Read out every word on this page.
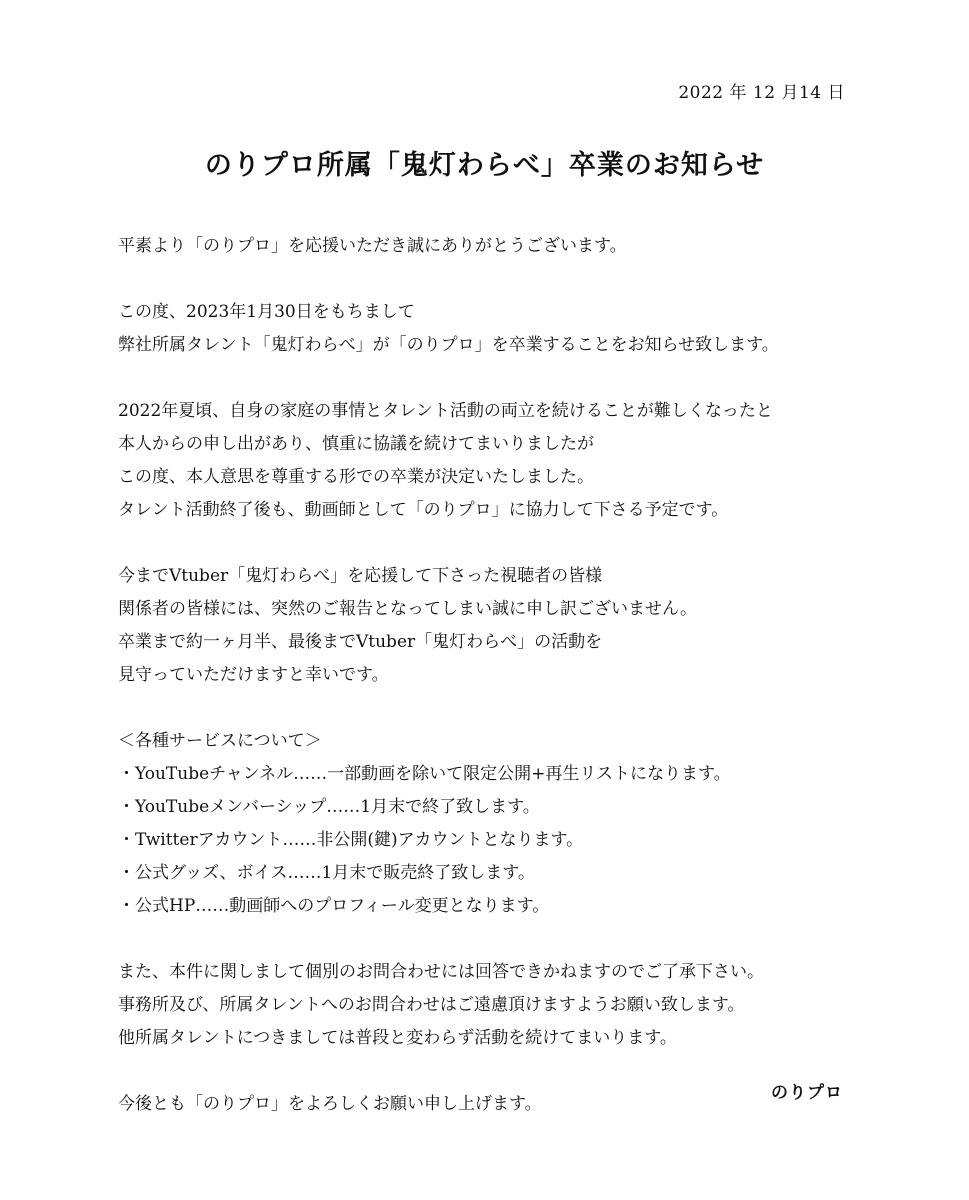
2022 年 12 月14 日
のりプロ所属「鬼灯わらべ」卒業のお知らせ

平素より「のりプロ」を応援いただき誠にありがとうございます。

この度、2023年1月30日をもちまして
弊社所属タレント「鬼灯わらべ」が「のりプロ」を卒業することをお知らせ致します。

2022年夏頃、自身の家庭の事情とタレント活動の両立を続けることが難しくなったと
本人からの申し出があり、慎重に協議を続けてまいりましたが
この度、本人意思を尊重する形での卒業が決定いたしました。
タレント活動終了後も、動画師として「のりプロ」に協力して下さる予定です。

今までVtuber「鬼灯わらべ」を応援して下さった視聴者の皆様
関係者の皆様には、突然のご報告となってしまい誠に申し訳ございません。
卒業まで約一ヶ月半、最後までVtuber「鬼灯わらべ」の活動を
見守っていただけますと幸いです。

＜各種サービスについて＞
・YouTubeチャンネル……一部動画を除いて限定公開+再生リストになります。
・YouTubeメンバーシップ……1月末で終了致します。
・Twitterアカウント……非公開(鍵)アカウントとなります。
・公式グッズ、ボイス……1月末で販売終了致します。
・公式HP……動画師へのプロフィール変更となります。

また、本件に関しまして個別のお問合わせには回答できかねますのでご了承下さい。
事務所及び、所属タレントへのお問合わせはご遠慮頂けますようお願い致します。
他所属タレントにつきましては普段と変わらず活動を続けてまいります。

今後とも「のりプロ」をよろしくお願い申し上げます。

のりプロ
